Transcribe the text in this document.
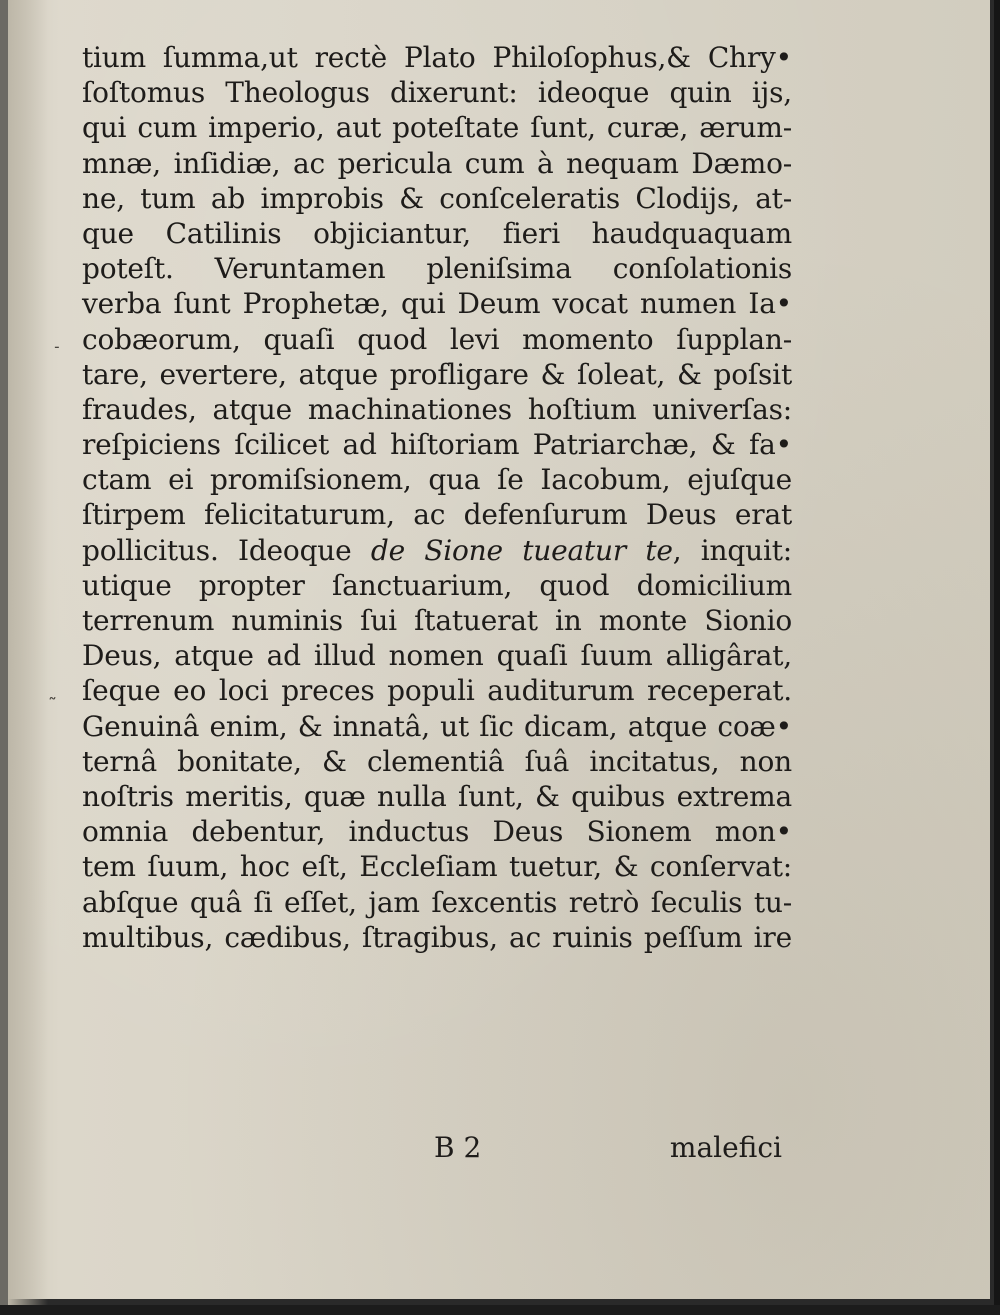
tium ſumma,ut rectè Plato Philoſophus,& Chry•
ſoſtomus Theologus dixerunt: ideoque quin ijs,
qui cum imperio, aut poteſtate ſunt, curæ, ærum-
mnæ, inſidiæ, ac pericula cum à nequam Dæmo-
ne, tum ab improbis & conſceleratis Clodijs, at-
que Catilinis objiciantur, fieri haudquaquam
poteſt. Veruntamen pleniſsima conſolationis
verba ſunt Prophetæ, qui Deum vocat numen Ia•
cobæorum, quaſi quod levi momento ſupplan-
tare, evertere, atque profligare & ſoleat, & poſsit
fraudes, atque machinationes hoſtium univerſas:
reſpiciens ſcilicet ad hiſtoriam Patriarchæ, & fa•
ctam ei promiſsionem, qua ſe Iacobum, ejuſque
ſtirpem felicitaturum, ac defenſurum Deus erat
pollicitus. Ideoque de Sione tueatur te, inquit:
utique propter ſanctuarium, quod domicilium
terrenum numinis ſui ſtatuerat in monte Sionio
Deus, atque ad illud nomen quaſi ſuum alligârat,
ſeque eo loci preces populi auditurum receperat.
Genuinâ enim, & innatâ, ut ſic dicam, atque coæ•
ternâ bonitate, & clementiâ ſuâ incitatus, non
noſtris meritis, quæ nulla ſunt, & quibus extrema
omnia debentur, inductus Deus Sionem mon•
tem ſuum, hoc eſt, Eccleſiam tuetur, & conſervat:
abſque quâ ſi eſſet, jam ſexcentis retrò ſeculis tu-
multibus, cædibus, ſtragibus, ac ruinis peſſum ire
B 2	malefici
˗
˷
